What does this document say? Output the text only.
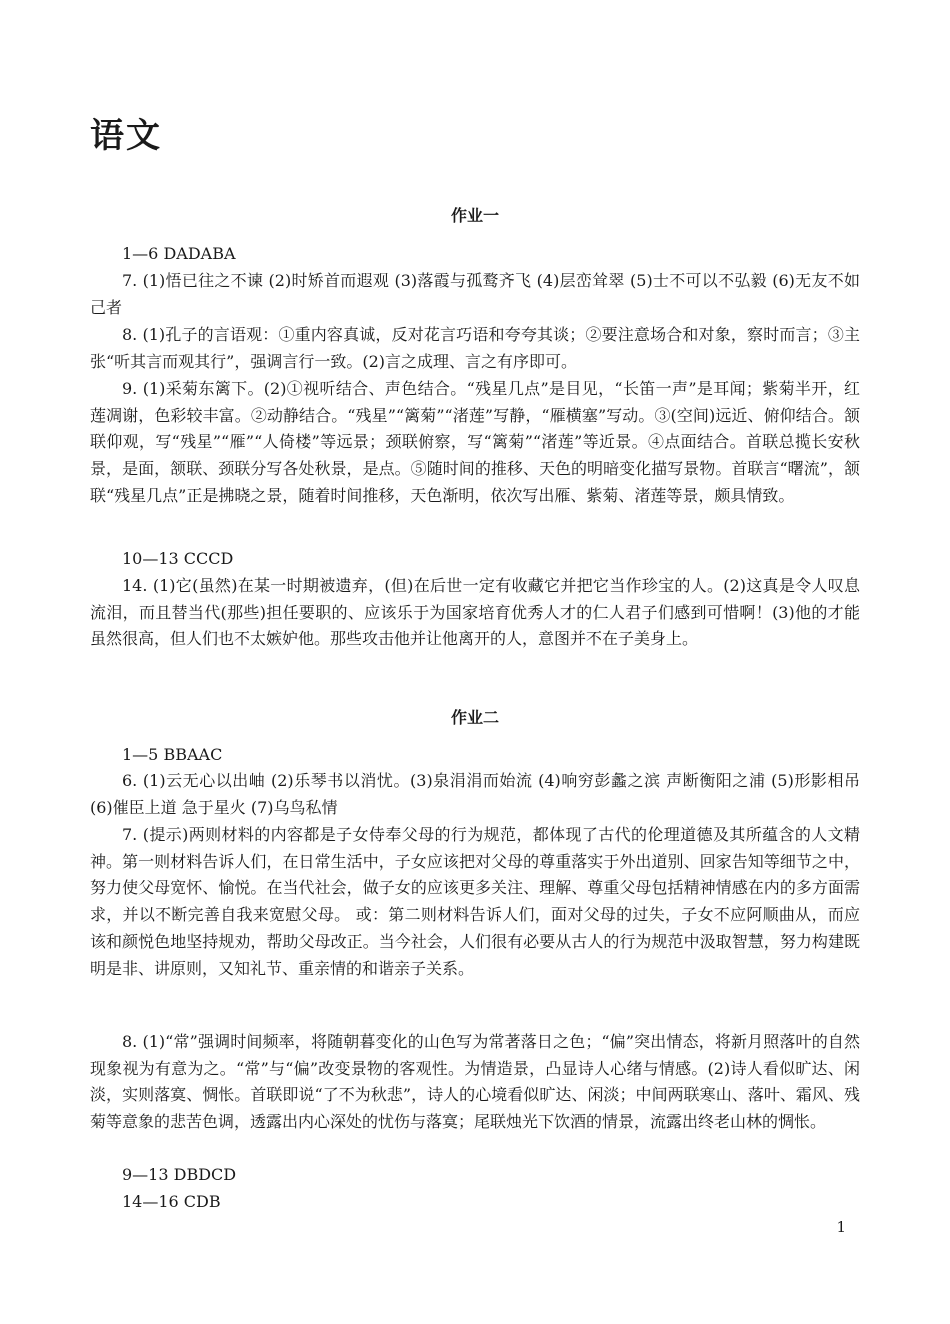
语文
作业一
1—6 DADABA
7. (1)悟已往之不谏 (2)时矫首而遐观 (3)落霞与孤鹜齐飞 (4)层峦耸翠 (5)士不可以不弘毅 (6)无友不如己者
8. (1)孔子的言语观：①重内容真诚，反对花言巧语和夸夸其谈；②要注意场合和对象，察时而言；③主张“听其言而观其行”，强调言行一致。(2)言之成理、言之有序即可。
9. (1)采菊东篱下。(2)①视听结合、声色结合。“残星几点”是目见，“长笛一声”是耳闻；紫菊半开，红莲凋谢，色彩较丰富。②动静结合。“残星”“篱菊”“渚莲”写静，“雁横塞”写动。③(空间)远近、俯仰结合。颔联仰观，写“残星”“雁”“人倚楼”等远景；颈联俯察，写“篱菊”“渚莲”等近景。④点面结合。首联总揽长安秋景，是面，颔联、颈联分写各处秋景，是点。⑤随时间的推移、天色的明暗变化描写景物。首联言“曙流”，颔联“残星几点”正是拂晓之景，随着时间推移，天色渐明，依次写出雁、紫菊、渚莲等景，颇具情致。
10—13 CCCD
14. (1)它(虽然)在某一时期被遗弃，(但)在后世一定有收藏它并把它当作珍宝的人。(2)这真是令人叹息流泪，而且替当代(那些)担任要职的、应该乐于为国家培育优秀人才的仁人君子们感到可惜啊！(3)他的才能虽然很高，但人们也不太嫉妒他。那些攻击他并让他离开的人，意图并不在子美身上。
作业二
1—5 BBAAC
6. (1)云无心以出岫 (2)乐琴书以消忧。(3)泉涓涓而始流 (4)响穷彭蠡之滨 声断衡阳之浦 (5)形影相吊 (6)催臣上道 急于星火 (7)乌鸟私情
7. (提示)两则材料的内容都是子女侍奉父母的行为规范，都体现了古代的伦理道德及其所蕴含的人文精神。第一则材料告诉人们，在日常生活中，子女应该把对父母的尊重落实于外出道别、回家告知等细节之中，努力使父母宽怀、愉悦。在当代社会，做子女的应该更多关注、理解、尊重父母包括精神情感在内的多方面需求，并以不断完善自我来宽慰父母。 或：第二则材料告诉人们，面对父母的过失，子女不应阿顺曲从，而应该和颜悦色地坚持规劝，帮助父母改正。当今社会，人们很有必要从古人的行为规范中汲取智慧，努力构建既明是非、讲原则，又知礼节、重亲情的和谐亲子关系。
8. (1)“常”强调时间频率，将随朝暮变化的山色写为常著落日之色；“偏”突出情态，将新月照落叶的自然现象视为有意为之。“常”与“偏”改变景物的客观性。为情造景，凸显诗人心绪与情感。(2)诗人看似旷达、闲淡，实则落寞、惆怅。首联即说“了不为秋悲”，诗人的心境看似旷达、闲淡；中间两联寒山、落叶、霜风、残菊等意象的悲苦色调，透露出内心深处的忧伤与落寞；尾联烛光下饮酒的情景，流露出终老山林的惆怅。
9—13 DBDCD
14—16 CDB
1
